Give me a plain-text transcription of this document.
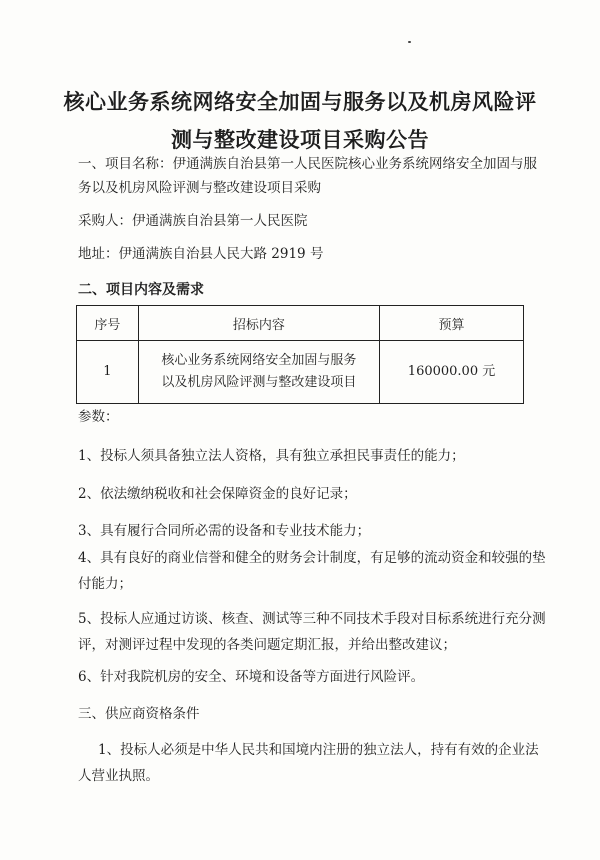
核心业务系统网络安全加固与服务以及机房风险评
测与整改建设项目采购公告
一、项目名称：伊通满族自治县第一人民医院核心业务系统网络安全加固与服
务以及机房风险评测与整改建设项目采购
采购人：伊通满族自治县第一人民医院
地址：伊通满族自治县人民大路 2919 号
二、项目内容及需求
序号	招标内容	预算
1	核心业务系统网络安全加固与服务
以及机房风险评测与整改建设项目	160000.00 元
参数：
1、投标人须具备独立法人资格，具有独立承担民事责任的能力；
2、依法缴纳税收和社会保障资金的良好记录；
3、具有履行合同所必需的设备和专业技术能力；
4、具有良好的商业信誉和健全的财务会计制度，有足够的流动资金和较强的垫
付能力；
5、投标人应通过访谈、核查、测试等三种不同技术手段对目标系统进行充分测
评，对测评过程中发现的各类问题定期汇报，并给出整改建议；
6、针对我院机房的安全、环境和设备等方面进行风险评。
三、供应商资格条件
1、投标人必须是中华人民共和国境内注册的独立法人，持有有效的企业法
人营业执照。
